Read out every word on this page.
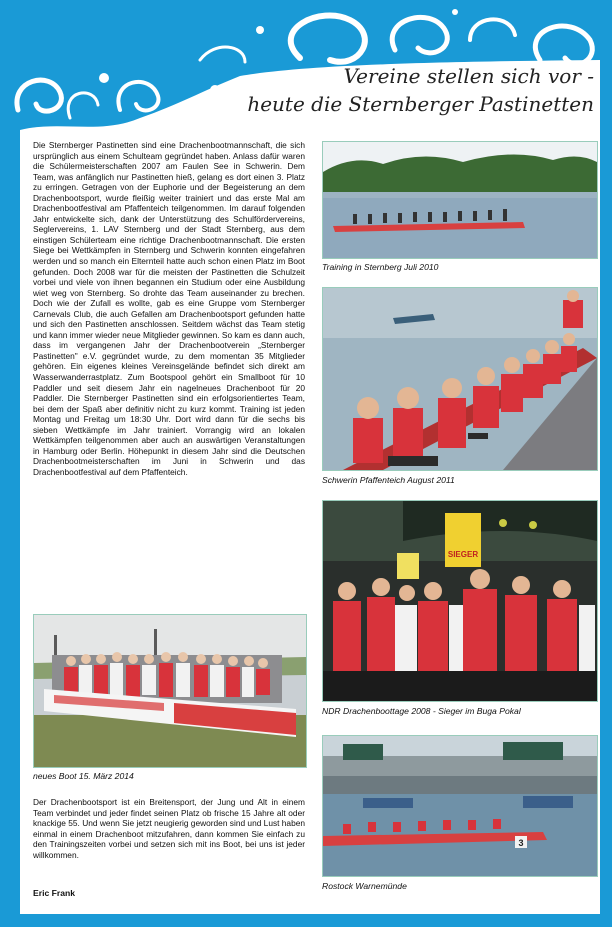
Vereine stellen sich vor -

heute die Sternberger Pastinetten

Die Sternberger Pastinetten sind eine Drachenbootmannschaft, die sich ursprünglich aus einem Schulteam gegründet haben. Anlass dafür waren die Schülermeisterschaften 2007 am Faulen See in Schwerin. Dem Team, was anfänglich nur Pastinetten hieß, gelang es dort einen 3. Platz zu erringen. Getragen von der Euphorie und der Begeisterung an dem Drachenbootsport, wurde fleißig weiter trainiert und das erste Mal am Drachenbootfestival am Pfaffenteich teilgenommen. Im darauf folgenden Jahr entwickelte sich, dank der Unterstützung des Schulfördervereins, Seglervereins, 1. LAV Sternberg und der Stadt Sternberg, aus dem einstigen Schülerteam eine richtige Drachenbootmannschaft. Die ersten Siege bei Wettkämpfen in Sternberg und Schwerin konnten eingefahren werden und so manch ein Elternteil hatte auch schon einen Platz im Boot gefunden. Doch 2008 war für die meisten der Pastinetten die Schulzeit vorbei und viele von ihnen begannen ein Studium oder eine Ausbildung wiet weg von Sternberg. So drohte das Team auseinander zu brechen. Doch wie der Zufall es wollte, gab es eine Gruppe vom Sternberger Carnevals Club, die auch Gefallen am Drachenbootsport gefunden hatte und sich den Pastinetten anschlossen. Seitdem wächst das Team stetig und kann immer wieder neue Mitglieder gewinnen. So kam es dann auch, dass im vergangenen Jahr der Drachenbootverein „Sternberger Pastinetten" e.V. gegründet wurde, zu dem momentan 35 Mitglieder gehören. Ein eigenes kleines Vereinsgelände befindet sich direkt am Wasserwanderrastplatz. Zum Bootspool gehört ein Smallboot für 10 Paddler und seit diesem Jahr ein nagelneues Drachenboot für 20 Paddler. Die Sternberger Pastinetten sind ein erfolgsorientiertes Team, bei dem der Spaß aber definitiv nicht zu kurz kommt. Training ist jeden Montag und Freitag um 18:30 Uhr. Dort wird dann für die sechs bis sieben Wettkämpfe im Jahr trainiert. Vorrangig wird an lokalen Wettkämpfen teilgenommen aber auch an auswärtigen Veranstaltungen in Hamburg oder Berlin. Höhepunkt in diesem Jahr sind die Deutschen Drachenbootmeisterschaften im Juni in Schwerin und das Drachenbootfestival auf dem Pfaffenteich.

neues Boot 15. März 2014

Der Drachenbootsport ist ein Breitensport, der Jung und Alt in einem Team verbindet und jeder findet seinen Platz ob frische 15 Jahre alt oder knackige 55. Und wenn Sie jetzt neugierig geworden sind und Lust haben einmal in einem Drachenboot mitzufahren, dann kommen Sie einfach zu den Trainingszeiten vorbei und setzen sich mit ins Boot, bei uns ist jeder willkommen.

Eric Frank
Training in Sternberg Juli 2010
Schwerin Pfaffenteich August 2011
SIEGER
NDR Drachenboottage 2008 - Sieger im Buga Pokal
3
Rostock Warnemünde
